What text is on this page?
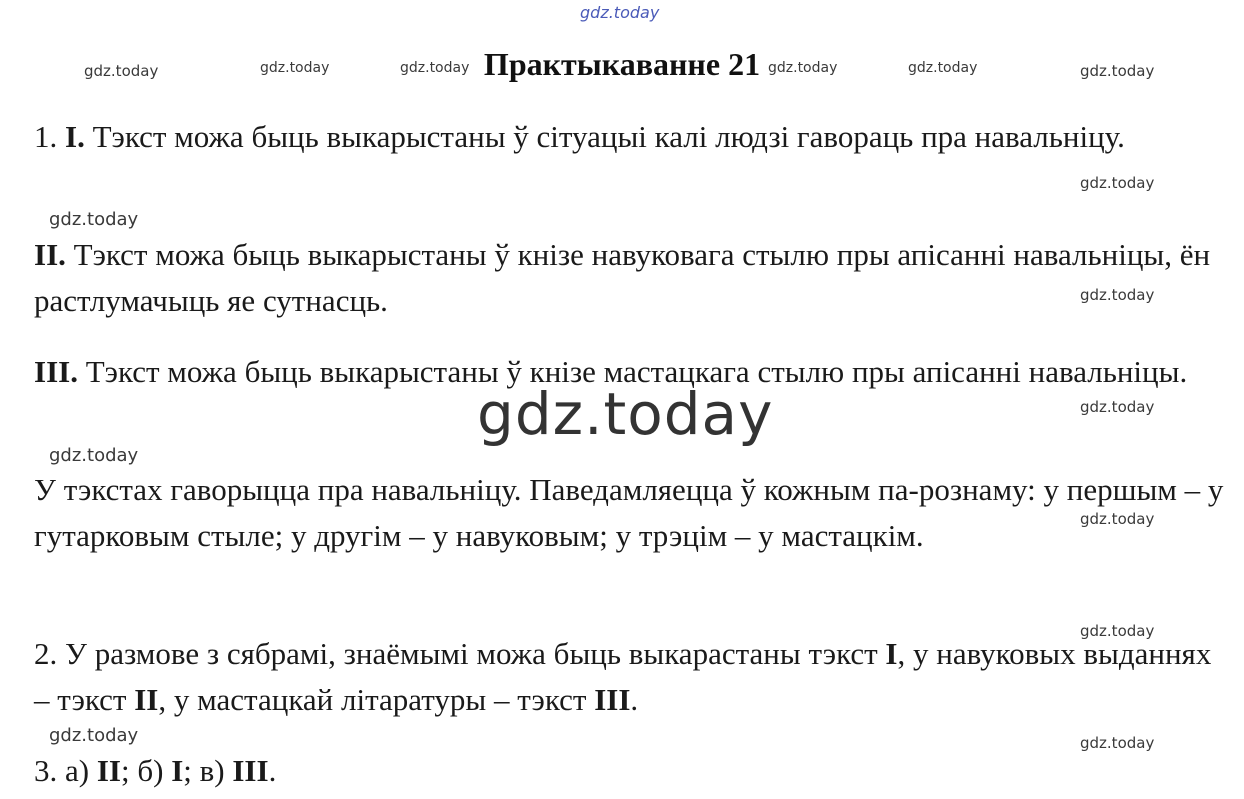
gdz.today
gdz.today	gdz.today	gdz.today	gdz.today	gdz.today	gdz.today
gdz.today
gdz.today
gdz.today
gdz.today
gdz.today
gdz.today
gdz.today
gdz.today	gdz.today
gdz.today
Практыкаванне 21
1. I. Тэкст можа быць выкарыстаны ў сітуацыі калі людзі гавораць пра навальніцу.
II. Тэкст можа быць выкарыстаны ў кнізе навуковага стылю пры апісанні навальніцы, ён растлумачыць яе сутнасць.
III. Тэкст можа быць выкарыстаны ў кнізе мастацкага стылю пры апісанні навальніцы.
У тэкстах гаворыцца пра навальніцу. Паведамляецца ў кожным па-рознаму: у першым – у гутарковым стыле; у другім – у навуковым; у трэцім – у мастацкім.
2. У размове з сябрамі, знаёмымі можа быць выкарастаны тэкст I, у навуковых выданнях – тэкст II, у мастацкай літаратуры – тэкст III.
3. а) II; б) I; в) III.
